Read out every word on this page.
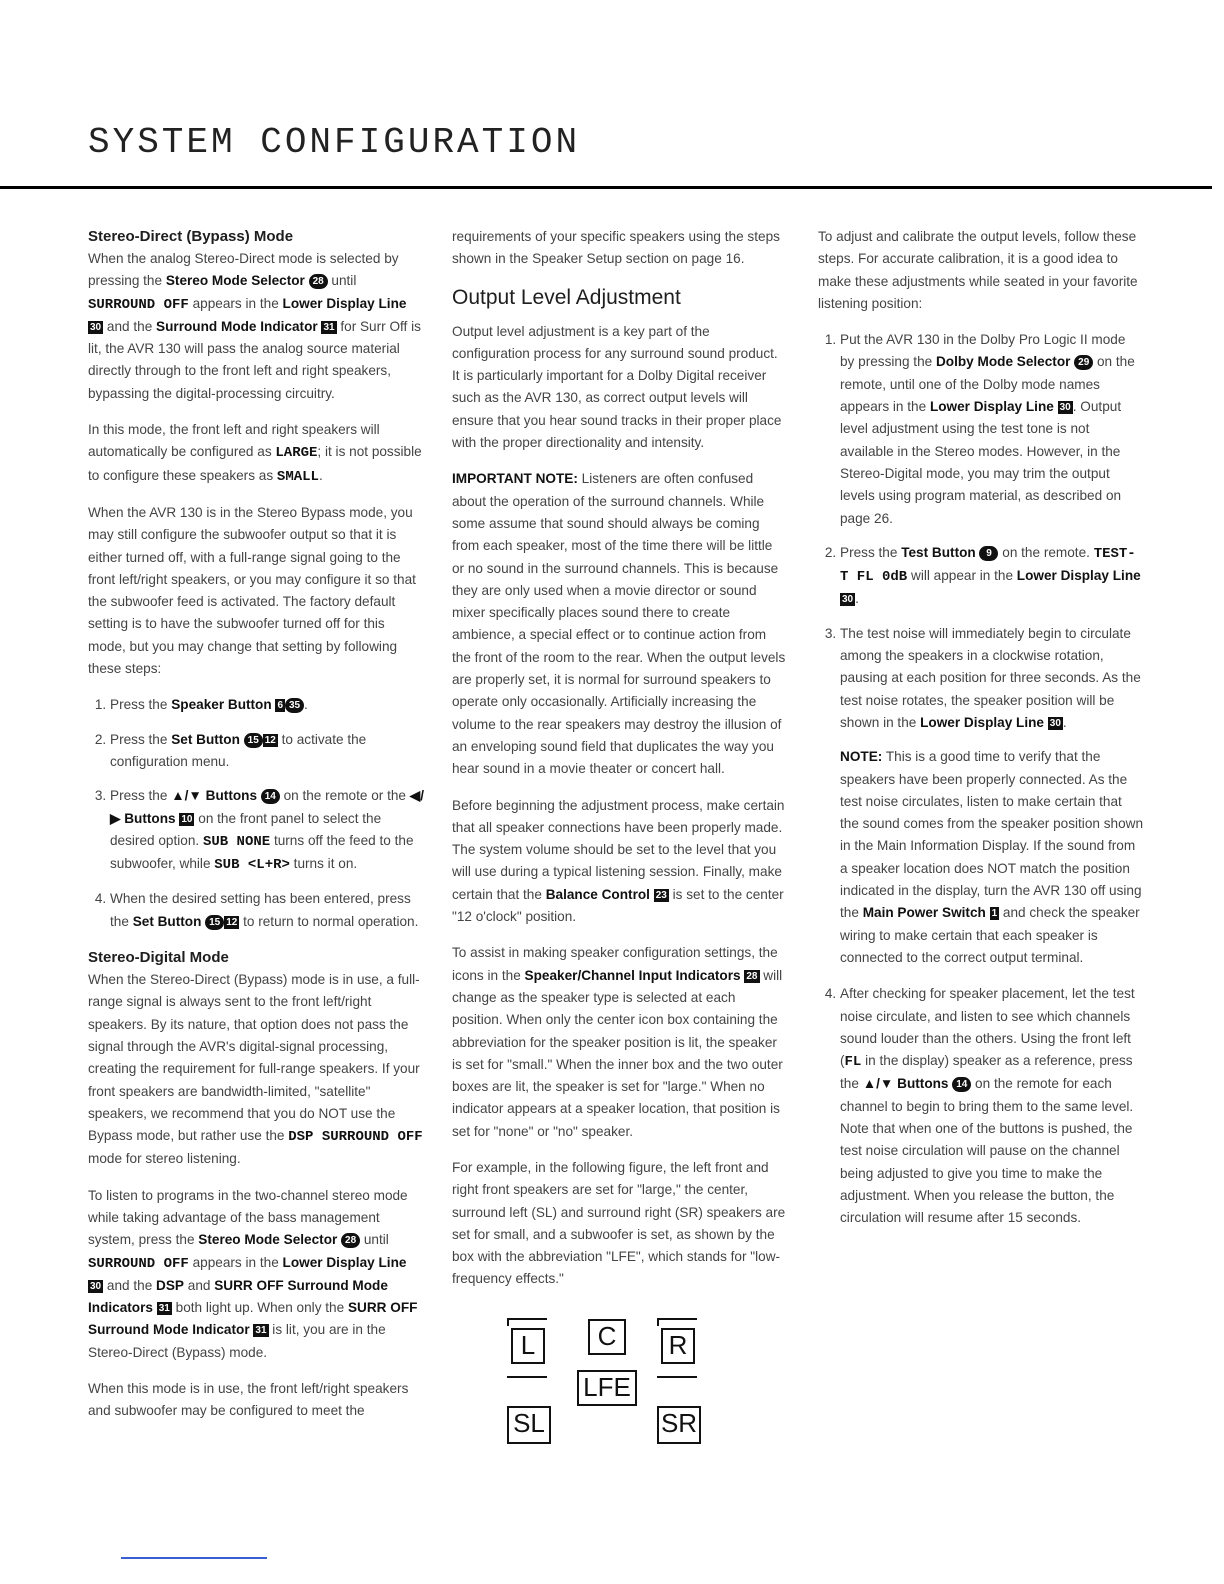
SYSTEM CONFIGURATION
Stereo-Direct (Bypass) Mode

When the analog Stereo-Direct mode is selected by pressing the Stereo Mode Selector 28 until SURROUND OFF appears in the Lower Display Line 30 and the Surround Mode Indicator 31 for Surr Off is lit, the AVR 130 will pass the analog source material directly through to the front left and right speakers, bypassing the digital-processing circuitry.

In this mode, the front left and right speakers will automatically be configured as LARGE; it is not possible to configure these speakers as SMALL.

When the AVR 130 is in the Stereo Bypass mode, you may still configure the subwoofer output so that it is either turned off, with a full-range signal going to the front left/right speakers, or you may configure it so that the subwoofer feed is activated. The factory default setting is to have the subwoofer turned off for this mode, but you may change that setting by following these steps:

1. Press the Speaker Button 6 35 .
2. Press the Set Button 15 12 to activate the configuration menu.
3. Press the ▲/▼ Buttons 14 on the remote or the ◀/▶ Buttons 10 on the front panel to select the desired option. SUB NONE turns off the feed to the subwoofer, while SUB <L+R> turns it on.
4. When the desired setting has been entered, press the Set Button 15 12 to return to normal operation.
Stereo-Digital Mode

When the Stereo-Direct (Bypass) mode is in use, a full-range signal is always sent to the front left/right speakers. By its nature, that option does not pass the signal through the AVR's digital-signal processing, creating the requirement for full-range speakers. If your front speakers are bandwidth-limited, "satellite" speakers, we recommend that you do NOT use the Bypass mode, but rather use the DSP SURROUND OFF mode for stereo listening.

To listen to programs in the two-channel stereo mode while taking advantage of the bass management system, press the Stereo Mode Selector 28 until SURROUND OFF appears in the Lower Display Line 30 and the DSP and SURR OFF Surround Mode Indicators 31 both light up. When only the SURR OFF Surround Mode Indicator 31 is lit, you are in the Stereo-Direct (Bypass) mode.

When this mode is in use, the front left/right speakers and subwoofer may be configured to meet the

requirements of your specific speakers using the steps shown in the Speaker Setup section on page 16.

Output Level Adjustment

Output level adjustment is a key part of the configuration process for any surround sound product. It is particularly important for a Dolby Digital receiver such as the AVR 130, as correct output levels will ensure that you hear sound tracks in their proper place with the proper directionality and intensity.

IMPORTANT NOTE: Listeners are often confused about the operation of the surround channels. While some assume that sound should always be coming from each speaker, most of the time there will be little or no sound in the surround channels. This is because they are only used when a movie director or sound mixer specifically places sound there to create ambience, a special effect or to continue action from the front of the room to the rear. When the output levels are properly set, it is normal for surround speakers to operate only occasionally. Artificially increasing the volume to the rear speakers may destroy the illusion of an enveloping sound field that duplicates the way you hear sound in a movie theater or concert hall.

Before beginning the adjustment process, make certain that all speaker connections have been properly made. The system volume should be set to the level that you will use during a typical listening session. Finally, make certain that the Balance Control 23 is set to the center "12 o'clock" position.

To assist in making speaker configuration settings, the icons in the Speaker/Channel Input Indicators 28 will change as the speaker type is selected at each position. When only the center icon box containing the abbreviation for the speaker position is lit, the speaker is set for "small." When the inner box and the two outer boxes are lit, the speaker is set for "large." When no indicator appears at a speaker location, that position is set for "none" or "no" speaker.

For example, in the following figure, the left front and right front speakers are set for "large," the center, surround left (SL) and surround right (SR) speakers are set for small, and a subwoofer is set, as shown by the box with the abbreviation "LFE", which stands for "low-frequency effects."

L	C	R
LFE
SL	SR

To adjust and calibrate the output levels, follow these steps. For accurate calibration, it is a good idea to make these adjustments while seated in your favorite listening position:

1. Put the AVR 130 in the Dolby Pro Logic II mode by pressing the Dolby Mode Selector 29 on the remote, until one of the Dolby mode names appears in the Lower Display Line 30 . Output level adjustment using the test tone is not available in the Stereo modes. However, in the Stereo-Digital mode, you may trim the output levels using program material, as described on page 26.
2. Press the Test Button 9 on the remote. TEST-T FL 0dB will appear in the Lower Display Line 30 .
3. The test noise will immediately begin to circulate among the speakers in a clockwise rotation, pausing at each position for three seconds. As the test noise rotates, the speaker position will be shown in the Lower Display Line 30 .

NOTE: This is a good time to verify that the speakers have been properly connected. As the test noise circulates, listen to make certain that the sound comes from the speaker position shown in the Main Information Display. If the sound from a speaker location does NOT match the position indicated in the display, turn the AVR 130 off using the Main Power Switch 1 and check the speaker wiring to make certain that each speaker is connected to the correct output terminal.

4. After checking for speaker placement, let the test noise circulate, and listen to see which channels sound louder than the others. Using the front left (FL in the display) speaker as a reference, press the ▲/▼ Buttons 14 on the remote for each channel to begin to bring them to the same level. Note that when one of the buttons is pushed, the test noise circulation will pause on the channel being adjusted to give you time to make the adjustment. When you release the button, the circulation will resume after 15 seconds.
